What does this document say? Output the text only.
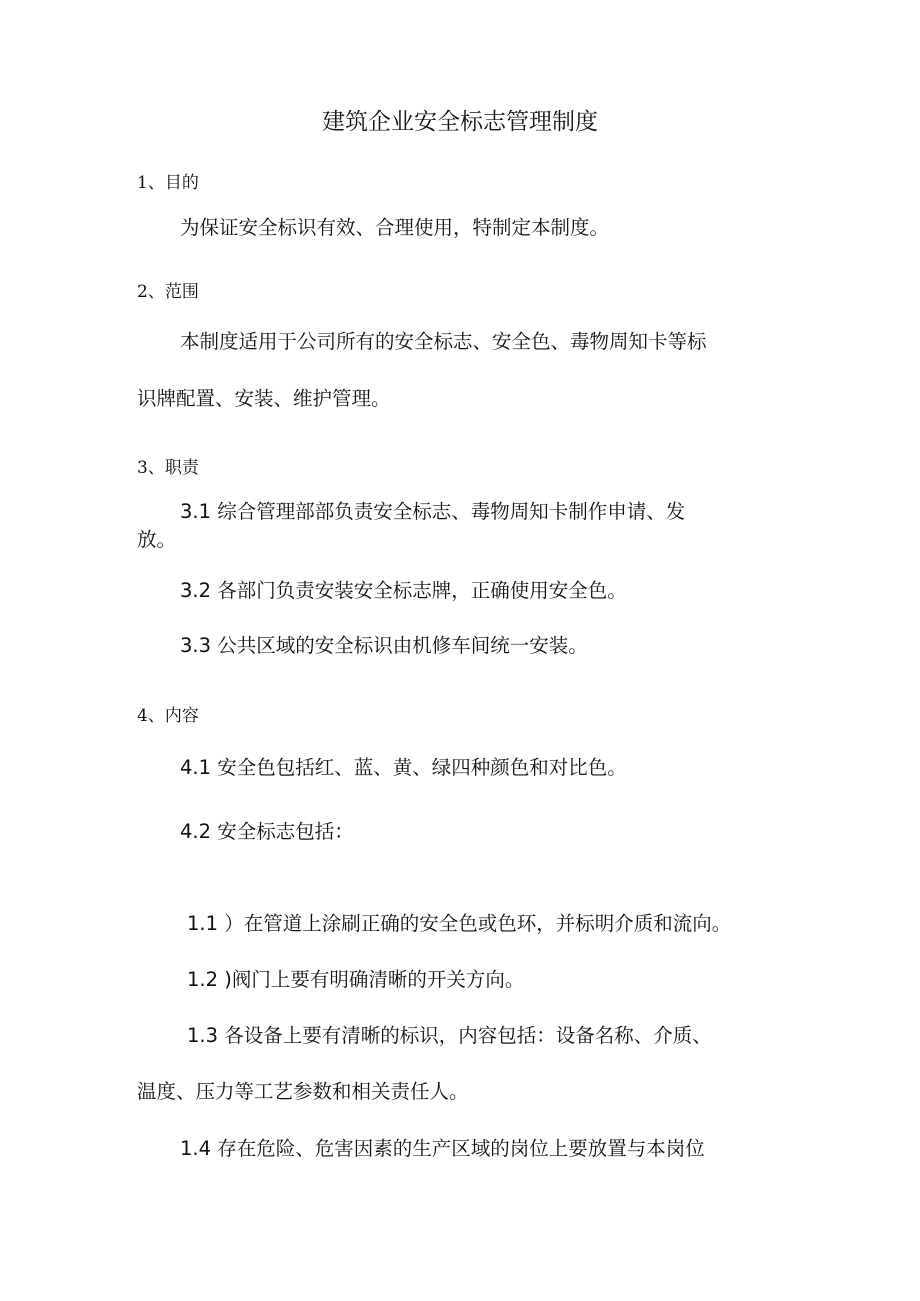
建筑企业安全标志管理制度
1、目的
为保证安全标识有效、合理使用，特制定本制度。
2、范围
本制度适用于公司所有的安全标志、安全色、毒物周知卡等标
识牌配置、安装、维护管理。
3、职责
3.1 综合管理部部负责安全标志、毒物周知卡制作申请、发
放。
3.2 各部门负责安装安全标志牌，正确使用安全色。
3.3 公共区域的安全标识由机修车间统一安装。
4、内容
4.1 安全色包括红、蓝、黄、绿四种颜色和对比色。
4.2 安全标志包括：
1.1 ）在管道上涂刷正确的安全色或色环，并标明介质和流向。
1.2 )阀门上要有明确清晰的开关方向。
1.3 各设备上要有清晰的标识，内容包括：设备名称、介质、
温度、压力等工艺参数和相关责任人。
1.4 存在危险、危害因素的生产区域的岗位上要放置与本岗位
